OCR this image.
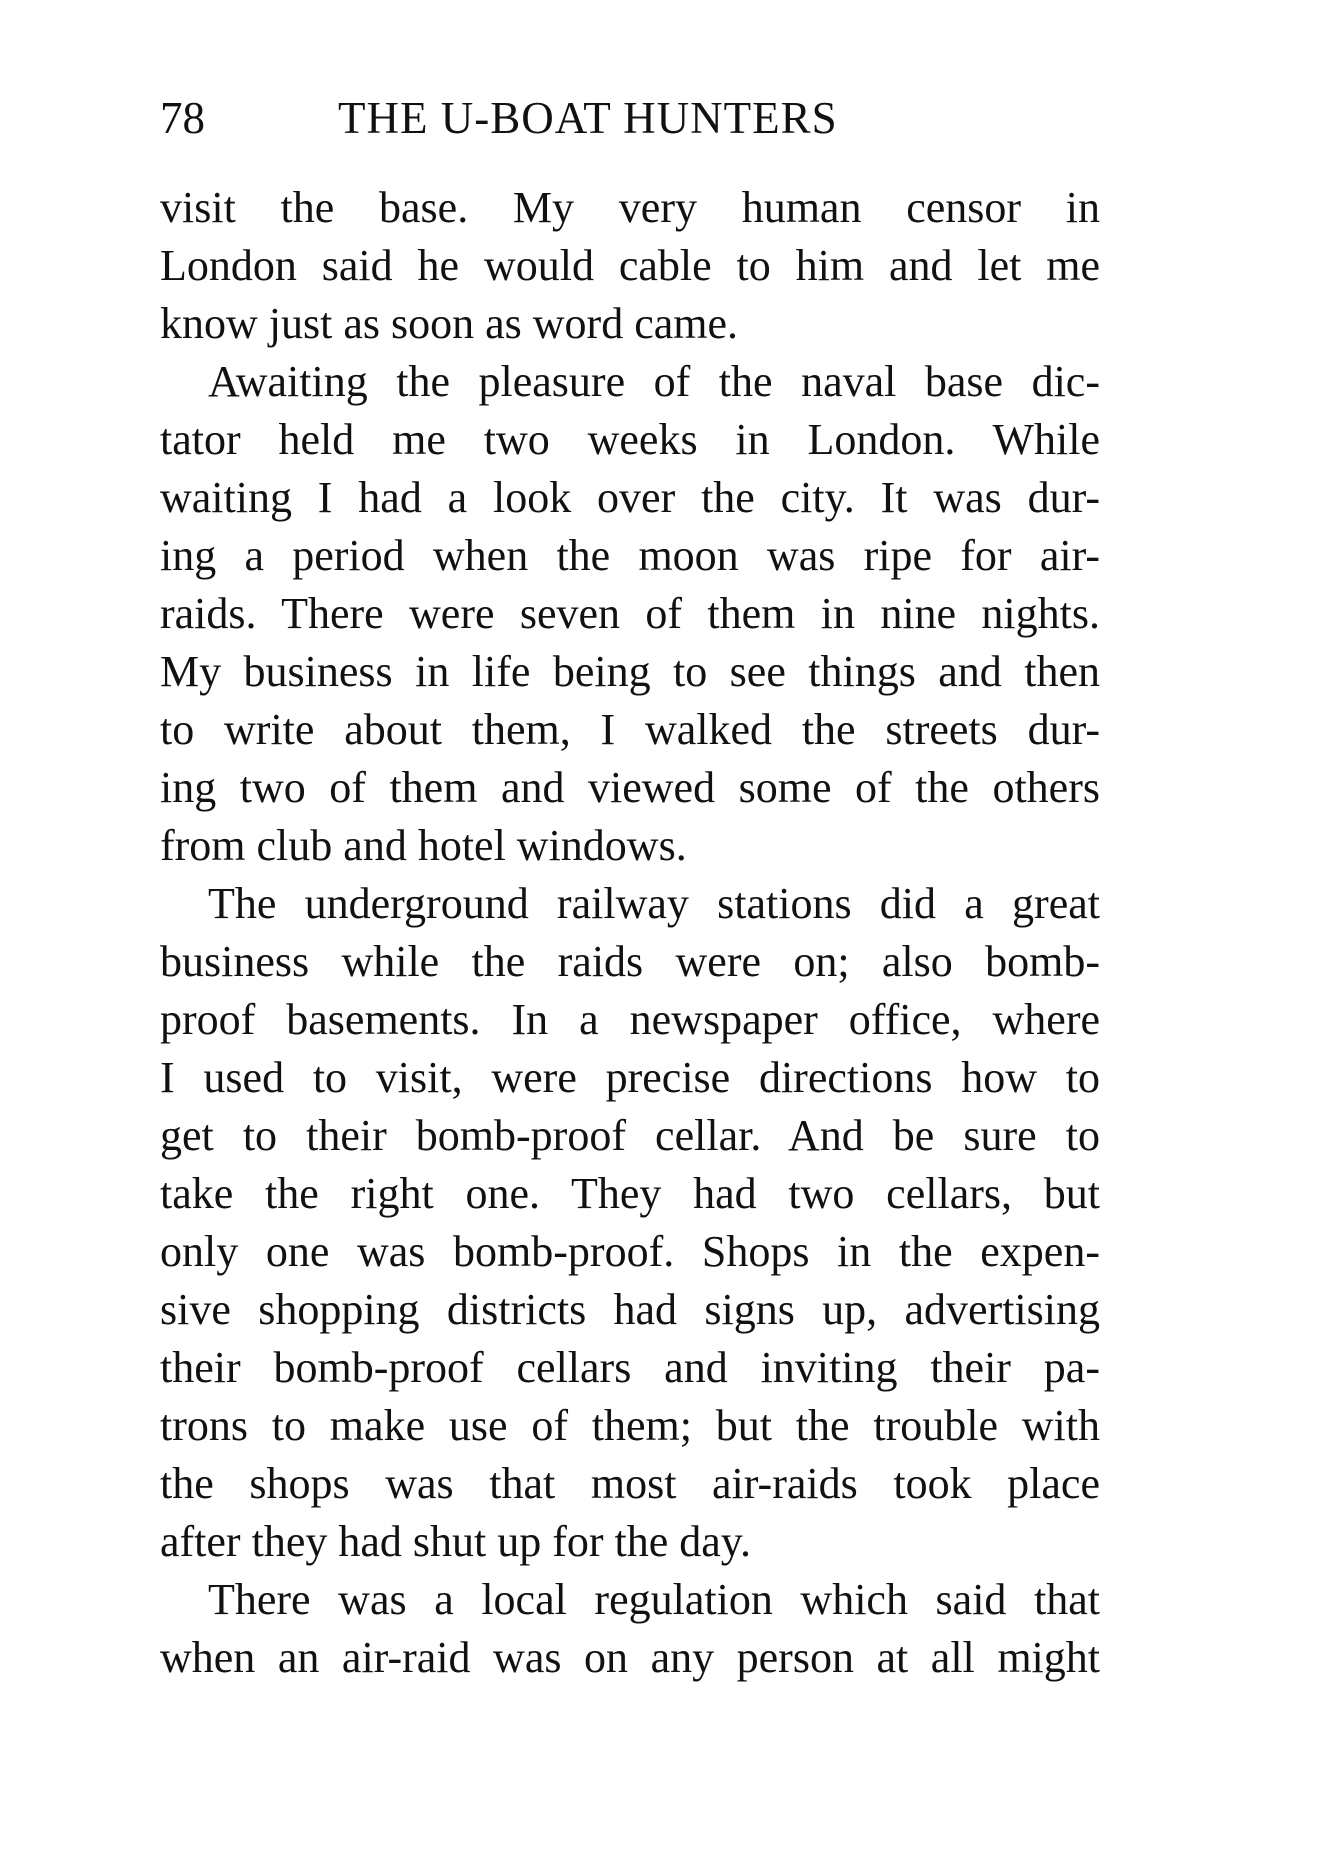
78	THE U-BOAT HUNTERS
visit the base. My very human censor in
London said he would cable to him and let me
know just as soon as word came.
Awaiting the pleasure of the naval base dic-
tator held me two weeks in London. While
waiting I had a look over the city. It was dur-
ing a period when the moon was ripe for air-
raids. There were seven of them in nine nights.
My business in life being to see things and then
to write about them, I walked the streets dur-
ing two of them and viewed some of the others
from club and hotel windows.
The underground railway stations did a great
business while the raids were on; also bomb-
proof basements. In a newspaper office, where
I used to visit, were precise directions how to
get to their bomb-proof cellar. And be sure to
take the right one. They had two cellars, but
only one was bomb-proof. Shops in the expen-
sive shopping districts had signs up, advertising
their bomb-proof cellars and inviting their pa-
trons to make use of them; but the trouble with
the shops was that most air-raids took place
after they had shut up for the day.
There was a local regulation which said that
when an air-raid was on any person at all might
